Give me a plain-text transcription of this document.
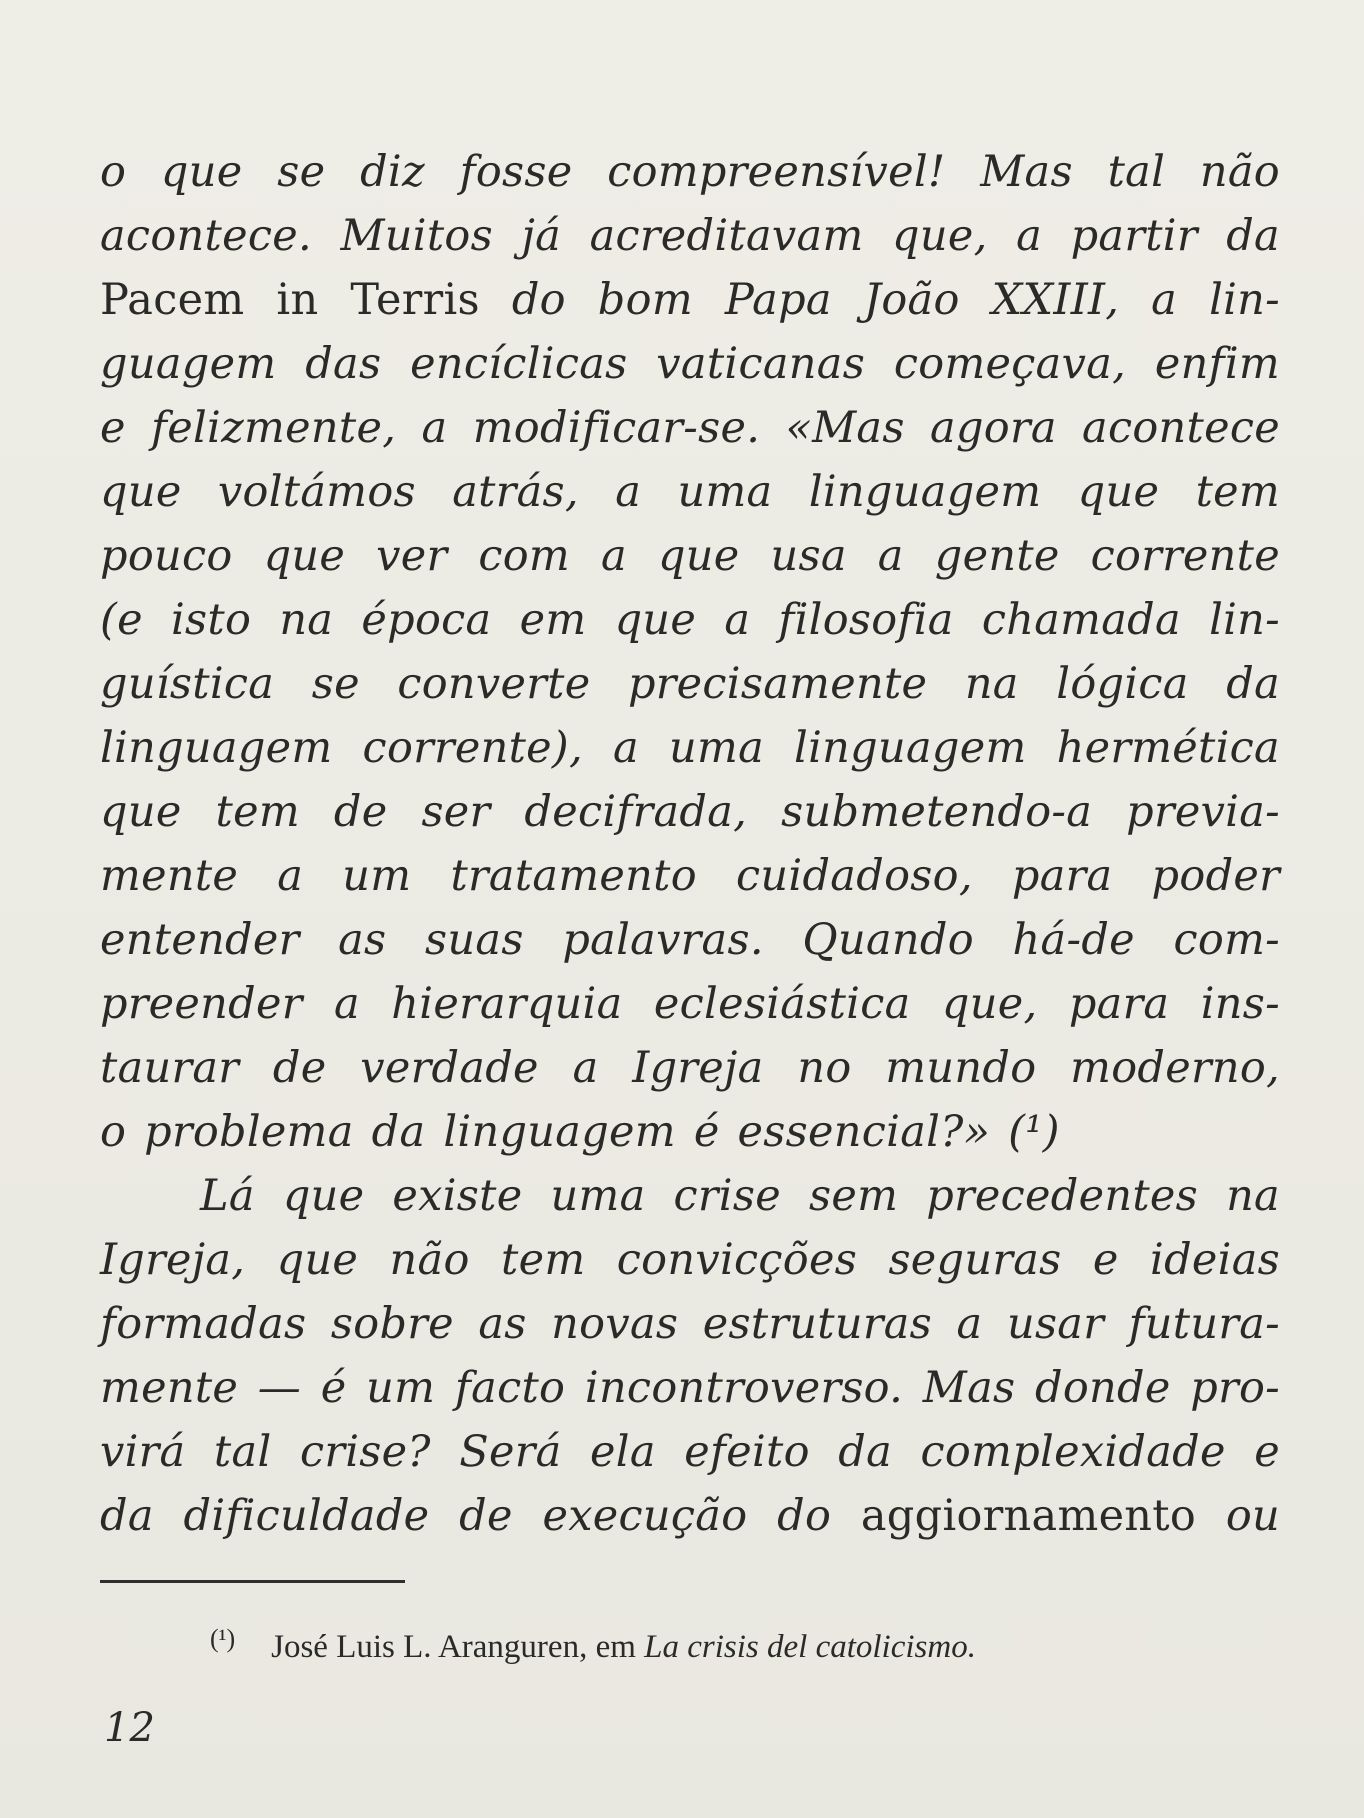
o que se diz fosse compreensível! Mas tal não
acontece. Muitos já acreditavam que, a partir da
Pacem in Terris do bom Papa João XXIII, a lin-
guagem das encíclicas vaticanas começava, enfim
e felizmente, a modificar-se. «Mas agora acontece
que voltámos atrás, a uma linguagem que tem
pouco que ver com a que usa a gente corrente
(e isto na época em que a filosofia chamada lin-
guística se converte precisamente na lógica da
linguagem corrente), a uma linguagem hermética
que tem de ser decifrada, submetendo-a previa-
mente a um tratamento cuidadoso, para poder
entender as suas palavras. Quando há-de com-
preender a hierarquia eclesiástica que, para ins-
taurar de verdade a Igreja no mundo moderno,
o problema da linguagem é essencial?» (¹)
Lá que existe uma crise sem precedentes na
Igreja, que não tem convicções seguras e ideias
formadas sobre as novas estruturas a usar futura-
mente — é um facto incontroverso. Mas donde pro-
virá tal crise? Será ela efeito da complexidade e
da dificuldade de execução do aggiornamento ou
$^{(^1)}$ José Luis L. Aranguren, em La crisis del catolicismo.
12
